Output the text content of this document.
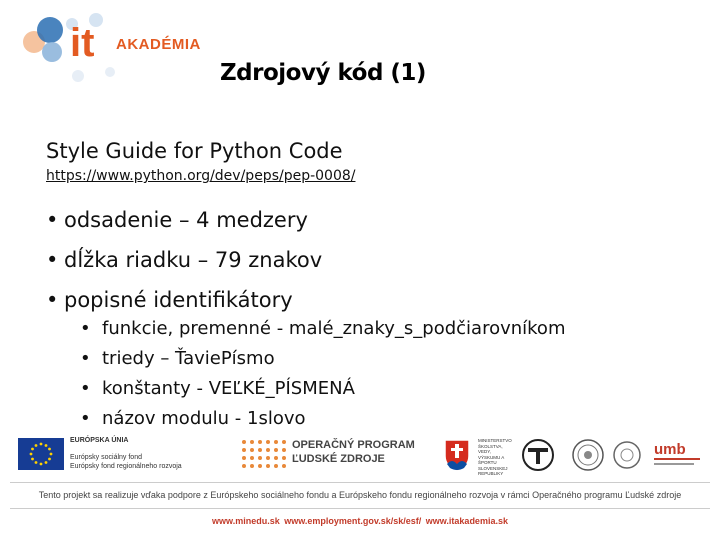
it AKADÉMIA
Zdrojový kód (1)
Style Guide for Python Code
https://www.python.org/dev/peps/pep-0008/
• odsadenie – 4 medzery
• dĺžka riadku – 79 znakov
• popisné identifikátory
• funkcie, premenné - malé_znaky_s_podčiarovníkom
• triedy – ŤaviePísmo
• konštanty - VEĽKÉ_PÍSMENÁ
• názov modulu - 1slovo
EURÓPSKA ÚNIA
Európsky sociálny fond
Európsky fond regionálneho rozvoja
OPERAČNÝ PROGRAM
ĽUDSKÉ ZDROJE
MINISTERSTVO ŠKOLSTVA, VEDY, VÝSKUMU A ŠPORTU SLOVENSKEJ REPUBLIKY
umb
Tento projekt sa realizuje vďaka podpore z Európskeho sociálneho fondu a Európskeho fondu regionálneho rozvoja v rámci Operačného programu Ľudské zdroje
www.minedu.sk www.employment.gov.sk/sk/esf/ www.itakademia.sk
